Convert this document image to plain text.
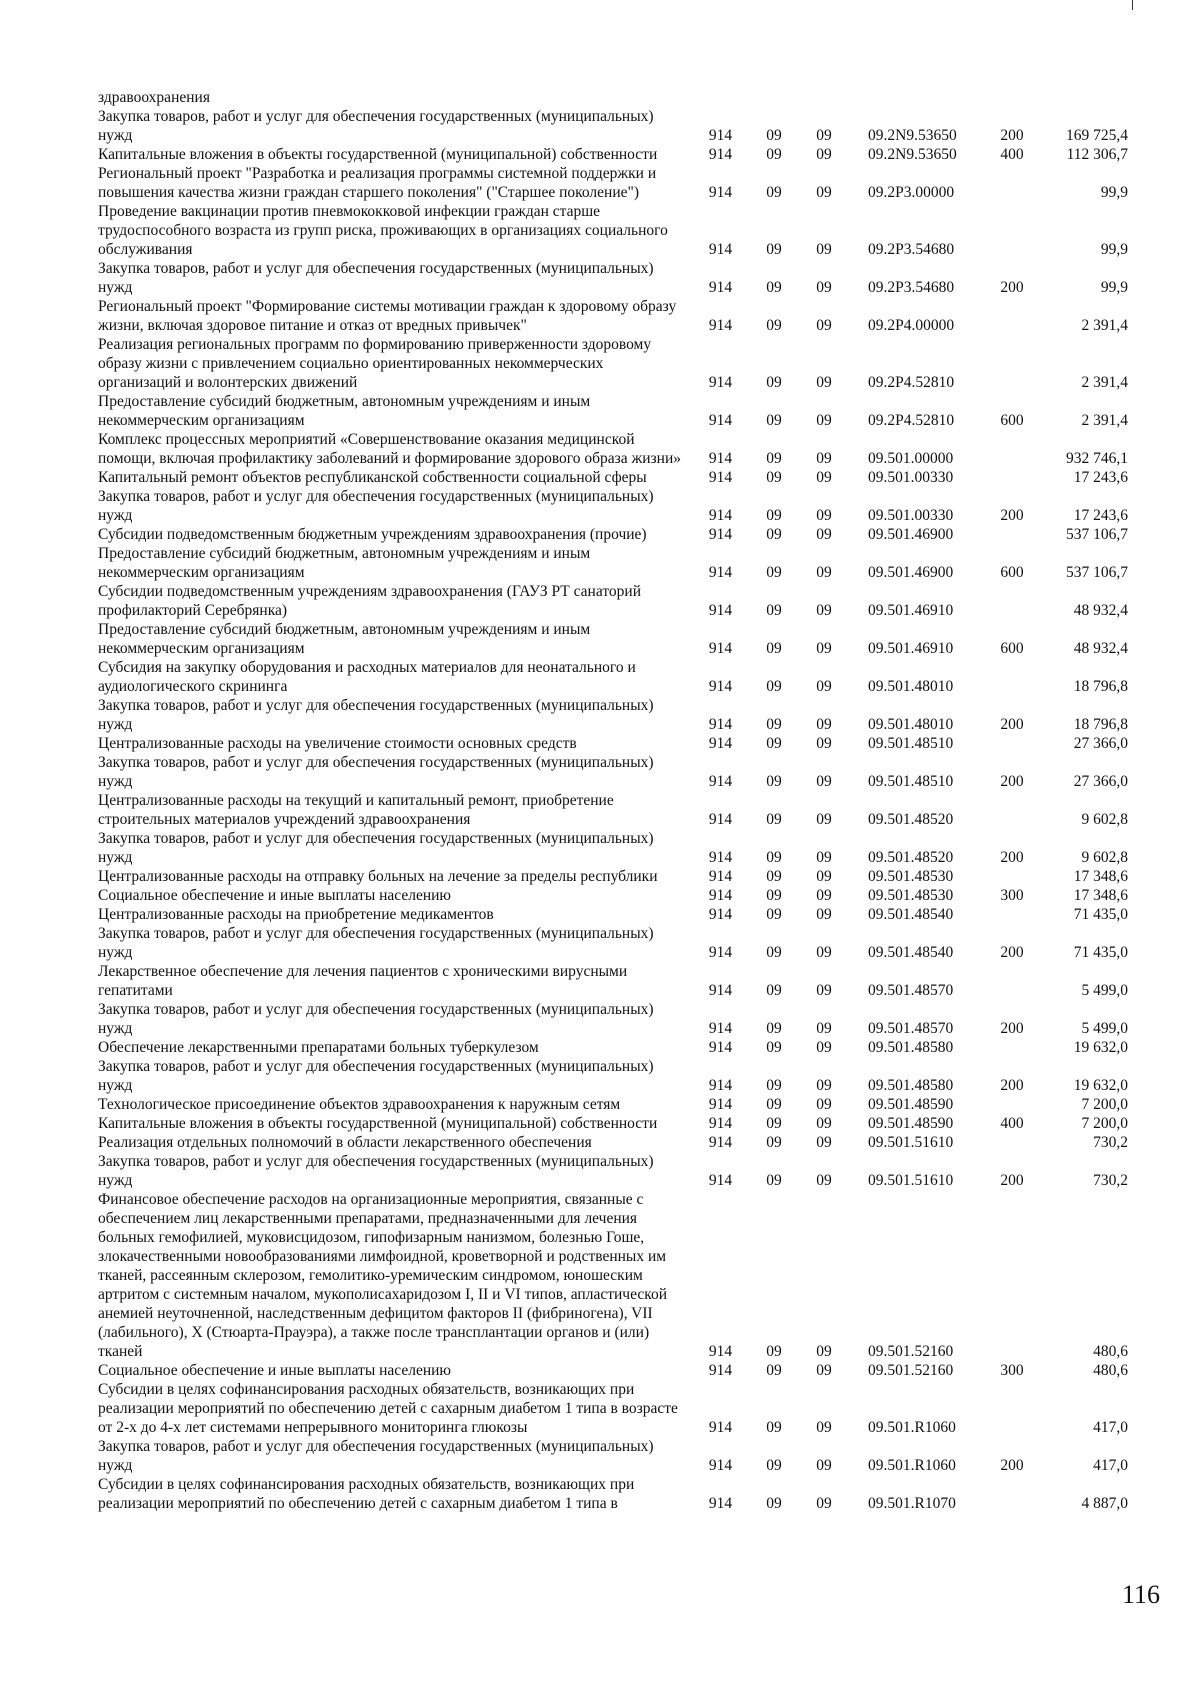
здравоохранения						
Закупка товаров, работ и услуг для обеспечения государственных (муниципальных) нужд	914	09	09	09.2N9.53650	200	169 725,4
Капитальные вложения в объекты государственной (муниципальной) собственности	914	09	09	09.2N9.53650	400	112 306,7
Региональный проект "Разработка и реализация программы системной поддержки и повышения качества жизни граждан старшего поколения" ("Старшее поколение")	914	09	09	09.2Р3.00000		99,9
Проведение вакцинации против пневмококковой инфекции граждан старше трудоспособного возраста из групп риска, проживающих в организациях социального обслуживания	914	09	09	09.2Р3.54680		99,9
Закупка товаров, работ и услуг для обеспечения государственных (муниципальных) нужд	914	09	09	09.2Р3.54680	200	99,9
Региональный проект "Формирование системы мотивации граждан к здоровому образу жизни, включая здоровое питание и отказ от вредных привычек"	914	09	09	09.2Р4.00000		2 391,4
Реализация региональных программ по формированию приверженности здоровому образу жизни с привлечением социально ориентированных некоммерческих организаций и волонтерских движений	914	09	09	09.2Р4.52810		2 391,4
Предоставление субсидий бюджетным, автономным учреждениям и иным некоммерческим организациям	914	09	09	09.2Р4.52810	600	2 391,4
Комплекс процессных мероприятий «Совершенствование оказания медицинской помощи, включая профилактику заболеваний и формирование здорового образа жизни»	914	09	09	09.501.00000		932 746,1
Капитальный ремонт объектов республиканской собственности социальной сферы	914	09	09	09.501.00330		17 243,6
Закупка товаров, работ и услуг для обеспечения государственных (муниципальных) нужд	914	09	09	09.501.00330	200	17 243,6
Субсидии подведомственным бюджетным учреждениям здравоохранения (прочие)	914	09	09	09.501.46900		537 106,7
Предоставление субсидий бюджетным, автономным учреждениям и иным некоммерческим организациям	914	09	09	09.501.46900	600	537 106,7
Субсидии подведомственным учреждениям здравоохранения (ГАУЗ РТ санаторий профилакторий Серебрянка)	914	09	09	09.501.46910		48 932,4
Предоставление субсидий бюджетным, автономным учреждениям и иным некоммерческим организациям	914	09	09	09.501.46910	600	48 932,4
Субсидия на закупку оборудования и расходных материалов для неонатального и аудиологического скрининга	914	09	09	09.501.48010		18 796,8
Закупка товаров, работ и услуг для обеспечения государственных (муниципальных) нужд	914	09	09	09.501.48010	200	18 796,8
Централизованные расходы на увеличение стоимости основных средств	914	09	09	09.501.48510		27 366,0
Закупка товаров, работ и услуг для обеспечения государственных (муниципальных) нужд	914	09	09	09.501.48510	200	27 366,0
Централизованные расходы на текущий и капитальный ремонт, приобретение строительных материалов учреждений здравоохранения	914	09	09	09.501.48520		9 602,8
Закупка товаров, работ и услуг для обеспечения государственных (муниципальных) нужд	914	09	09	09.501.48520	200	9 602,8
Централизованные расходы на отправку больных на лечение за пределы республики	914	09	09	09.501.48530		17 348,6
Социальное обеспечение и иные выплаты населению	914	09	09	09.501.48530	300	17 348,6
Централизованные расходы на приобретение медикаментов	914	09	09	09.501.48540		71 435,0
Закупка товаров, работ и услуг для обеспечения государственных (муниципальных) нужд	914	09	09	09.501.48540	200	71 435,0
Лекарственное обеспечение для лечения пациентов с хроническими вирусными гепатитами	914	09	09	09.501.48570		5 499,0
Закупка товаров, работ и услуг для обеспечения государственных (муниципальных) нужд	914	09	09	09.501.48570	200	5 499,0
Обеспечение лекарственными препаратами больных туберкулезом	914	09	09	09.501.48580		19 632,0
Закупка товаров, работ и услуг для обеспечения государственных (муниципальных) нужд	914	09	09	09.501.48580	200	19 632,0
Технологическое присоединение объектов здравоохранения к наружным сетям	914	09	09	09.501.48590		7 200,0
Капитальные вложения в объекты государственной (муниципальной) собственности	914	09	09	09.501.48590	400	7 200,0
Реализация отдельных полномочий в области лекарственного обеспечения	914	09	09	09.501.51610		730,2
Закупка товаров, работ и услуг для обеспечения государственных (муниципальных) нужд	914	09	09	09.501.51610	200	730,2
Финансовое обеспечение расходов на организационные мероприятия, связанные с обеспечением лиц лекарственными препаратами, предназначенными для лечения больных гемофилией, муковисцидозом, гипофизарным нанизмом, болезнью Гоше, злокачественными новообразованиями лимфоидной, кроветворной и родственных им тканей, рассеянным склерозом, гемолитико-уремическим синдромом, юношеским артритом с системным началом, мукополисахаридозом I, II и VI типов, апластической анемией неуточненной, наследственным дефицитом факторов II (фибриногена), VII (лабильного), X (Стюарта-Прауэра), а также после трансплантации органов и (или) тканей	914	09	09	09.501.52160		480,6
Социальное обеспечение и иные выплаты населению	914	09	09	09.501.52160	300	480,6
Субсидии в целях софинансирования расходных обязательств, возникающих при реализации мероприятий по обеспечению детей с сахарным диабетом 1 типа в возрасте от 2-х до 4-х лет системами непрерывного мониторинга глюкозы	914	09	09	09.501.R1060		417,0
Закупка товаров, работ и услуг для обеспечения государственных (муниципальных) нужд	914	09	09	09.501.R1060	200	417,0
Субсидии в целях софинансирования расходных обязательств, возникающих при реализации мероприятий по обеспечению детей с сахарным диабетом 1 типа в	914	09	09	09.501.R1070		4 887,0
116
